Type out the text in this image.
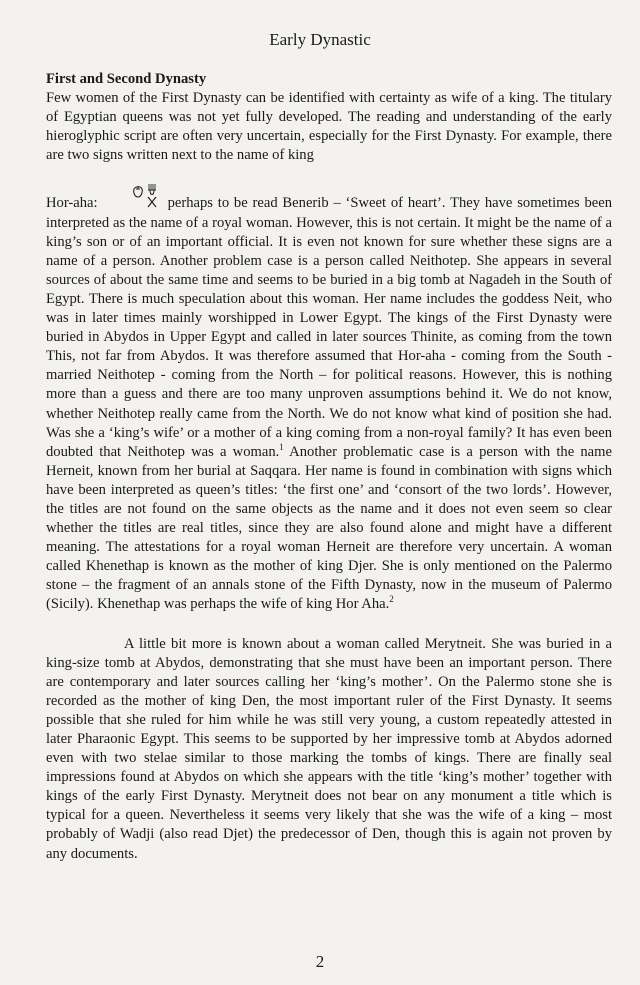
Early Dynastic
First and Second Dynasty

Few women of the First Dynasty can be identified with certainty as wife of a king. The titulary of Egyptian queens was not yet fully developed. The reading and understanding of the early hieroglyphic script are often very uncertain, especially for the First Dynasty. For example, there are two signs written next to the name of king

Hor-aha:	perhaps to be read Benerib – ‘Sweet of heart’. They have sometimes been interpreted as the name of a royal woman. However, this is not certain. It might be the name of a king’s son or of an important official. It is even not known for sure whether these signs are a name of a person. Another problem case is a person called Neithotep. She appears in several sources of about the same time and seems to be buried in a big tomb at Nagadeh in the South of Egypt. There is much speculation about this woman. Her name includes the goddess Neit, who was in later times mainly worshipped in Lower Egypt. The kings of the First Dynasty were buried in Abydos in Upper Egypt and called in later sources Thinite, as coming from the town This, not far from Abydos. It was therefore assumed that Hor-aha - coming from the South - married Neithotep - coming from the North – for political reasons. However, this is nothing more than a guess and there are too many unproven assumptions behind it. We do not know, whether Neithotep really came from the North. We do not know what kind of position she had. Was she a ‘king’s wife’ or a mother of a king coming from a non-royal family? It has even been doubted that Neithotep was a woman.$^1$ Another problematic case is a person with the name Herneit, known from her burial at Saqqara. Her name is found in combination with signs which have been interpreted as queen’s titles: ‘the first one’ and ‘consort of the two lords’. However, the titles are not found on the same objects as the name and it does not even seem so clear whether the titles are real titles, since they are also found alone and might have a different meaning. The attestations for a royal woman Herneit are therefore very uncertain. A woman called Khenethap is known as the mother of king Djer. She is only mentioned on the Palermo stone – the fragment of an annals stone of the Fifth Dynasty, now in the museum of Palermo (Sicily). Khenethap was perhaps the wife of king Hor Aha.$^2$

A little bit more is known about a woman called Merytneit. She was buried in a king-size tomb at Abydos, demonstrating that she must have been an important person. There are contemporary and later sources calling her ‘king’s mother’. On the Palermo stone she is recorded as the mother of king Den, the most important ruler of the First Dynasty. It seems possible that she ruled for him while he was still very young, a custom repeatedly attested in later Pharaonic Egypt. This seems to be supported by her impressive tomb at Abydos adorned even with two stelae similar to those marking the tombs of kings. There are finally seal impressions found at Abydos on which she appears with the title ‘king’s mother’ together with kings of the early First Dynasty. Merytneit does not bear on any monument a title which is typical for a queen. Nevertheless it seems very likely that she was the wife of a king – most probably of Wadji (also read Djet) the predecessor of Den, though this is again not proven by any documents.

2
